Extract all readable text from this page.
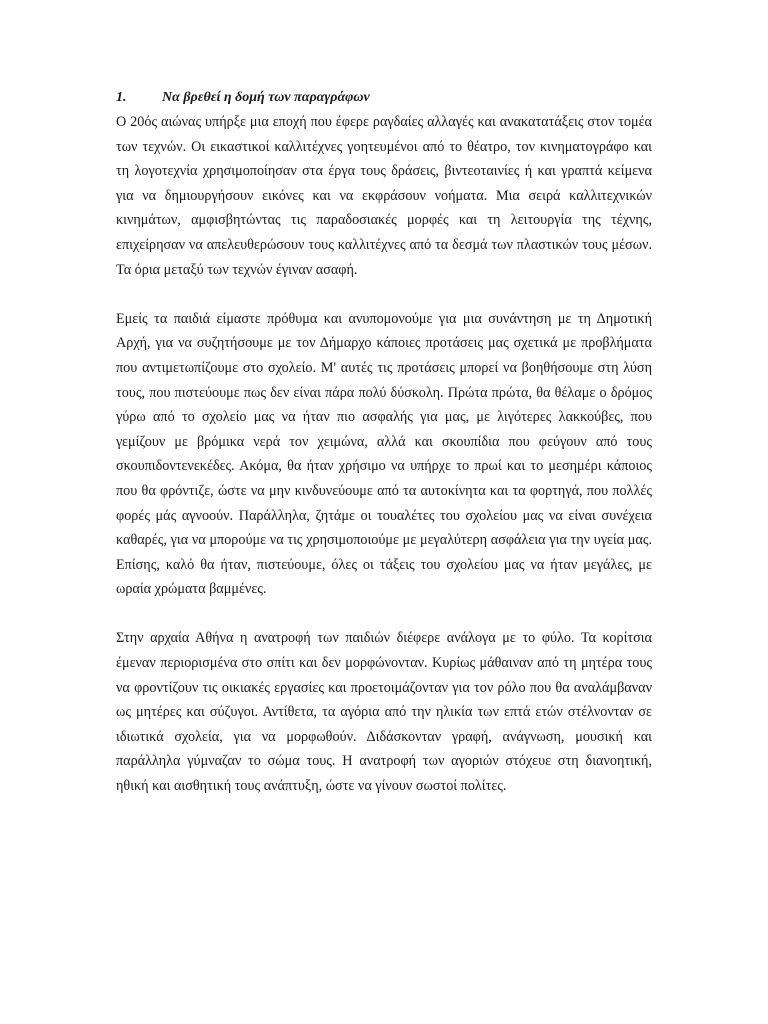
1.	Να βρεθεί η δομή των παραγράφων

Ο 20ός αιώνας υπήρξε μια εποχή που έφερε ραγδαίες αλλαγές και ανακατατάξεις στον τομέα των τεχνών. Οι εικαστικοί καλλιτέχνες γοητευμένοι από το θέατρο, τον κινηματογράφο και τη λογοτεχνία χρησιμοποίησαν στα έργα τους δράσεις, βιντεοταινίες ή και γραπτά κείμενα για να δημιουργήσουν εικόνες και να εκφράσουν νοήματα. Μια σειρά καλλιτεχνικών κινημάτων, αμφισβητώντας τις παραδοσιακές μορφές και τη λειτουργία της τέχνης, επιχείρησαν να απελευθερώσουν τους καλλιτέχνες από τα δεσμά των πλαστικών τους μέσων. Τα όρια μεταξύ των τεχνών έγιναν ασαφή.

Εμείς τα παιδιά είμαστε πρόθυμα και ανυπομονούμε για μια συνάντηση με τη Δημοτική Αρχή, για να συζητήσουμε με τον Δήμαρχο κάποιες προτάσεις μας σχετικά με προβλήματα που αντιμετωπίζουμε στο σχολείο. Μ' αυτές τις προτάσεις μπορεί να βοηθήσουμε στη λύση τους, που πιστεύουμε πως δεν είναι πάρα πολύ δύσκολη. Πρώτα πρώτα, θα θέλαμε ο δρόμος γύρω από το σχολείο μας να ήταν πιο ασφαλής για μας, με λιγότερες λακκούβες, που γεμίζουν με βρόμικα νερά τον χειμώνα, αλλά και σκουπίδια που φεύγουν από τους σκουπιδοντενεκέδες. Ακόμα, θα ήταν χρήσιμο να υπήρχε το πρωί και το μεσημέρι κάποιος που θα φρόντιζε, ώστε να μην κινδυνεύουμε από τα αυτοκίνητα και τα φορτηγά, που πολλές φορές μάς αγνοούν. Παράλληλα, ζητάμε οι τουαλέτες του σχολείου μας να είναι συνέχεια καθαρές, για να μπορούμε να τις χρησιμοποιούμε με μεγαλύτερη ασφάλεια για την υγεία μας. Επίσης, καλό θα ήταν, πιστεύουμε, όλες οι τάξεις του σχολείου μας να ήταν μεγάλες, με ωραία χρώματα βαμμένες.

Στην αρχαία Αθήνα η ανατροφή των παιδιών διέφερε ανάλογα με το φύλο. Τα κορίτσια έμεναν περιορισμένα στο σπίτι και δεν μορφώνονταν. Κυρίως μάθαιναν από τη μητέρα τους να φροντίζουν τις οικιακές εργασίες και προετοιμάζονταν για τον ρόλο που θα αναλάμβαναν ως μητέρες και σύζυγοι. Αντίθετα, τα αγόρια από την ηλικία των επτά ετών στέλνονταν σε ιδιωτικά σχολεία, για να μορφωθούν. Διδάσκονταν γραφή, ανάγνωση, μουσική και παράλληλα γύμναζαν το σώμα τους. Η ανατροφή των αγοριών στόχευε στη διανοητική, ηθική και αισθητική τους ανάπτυξη, ώστε να γίνουν σωστοί πολίτες.
